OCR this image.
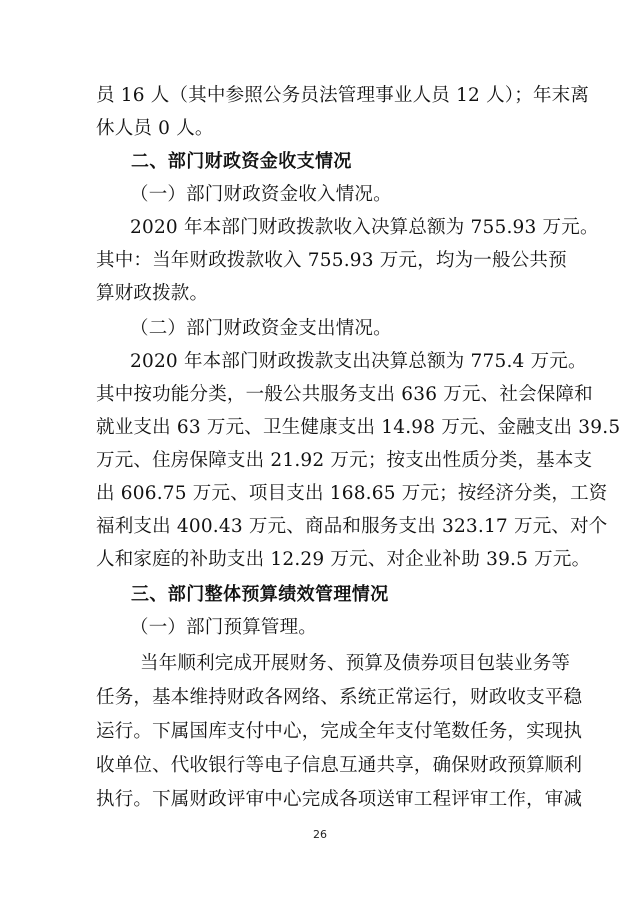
员 16 人（其中参照公务员法管理事业人员 12 人）；年末离
休人员 0 人。
二、部门财政资金收支情况
（一）部门财政资金收入情况。
2020 年本部门财政拨款收入决算总额为 755.93 万元。
其中：当年财政拨款收入 755.93 万元，均为一般公共预
算财政拨款。
（二）部门财政资金支出情况。
2020 年本部门财政拨款支出决算总额为 775.4 万元。
其中按功能分类，一般公共服务支出 636 万元、社会保障和
就业支出 63 万元、卫生健康支出 14.98 万元、金融支出 39.5
万元、住房保障支出 21.92 万元；按支出性质分类，基本支
出 606.75 万元、项目支出 168.65 万元；按经济分类，工资
福利支出 400.43 万元、商品和服务支出 323.17 万元、对个
人和家庭的补助支出 12.29 万元、对企业补助 39.5 万元。
三、部门整体预算绩效管理情况
（一）部门预算管理。
当年顺利完成开展财务、预算及债券项目包装业务等
任务，基本维持财政各网络、系统正常运行，财政收支平稳
运行。下属国库支付中心，完成全年支付笔数任务，实现执
收单位、代收银行等电子信息互通共享，确保财政预算顺利
执行。下属财政评审中心完成各项送审工程评审工作，审减
26
